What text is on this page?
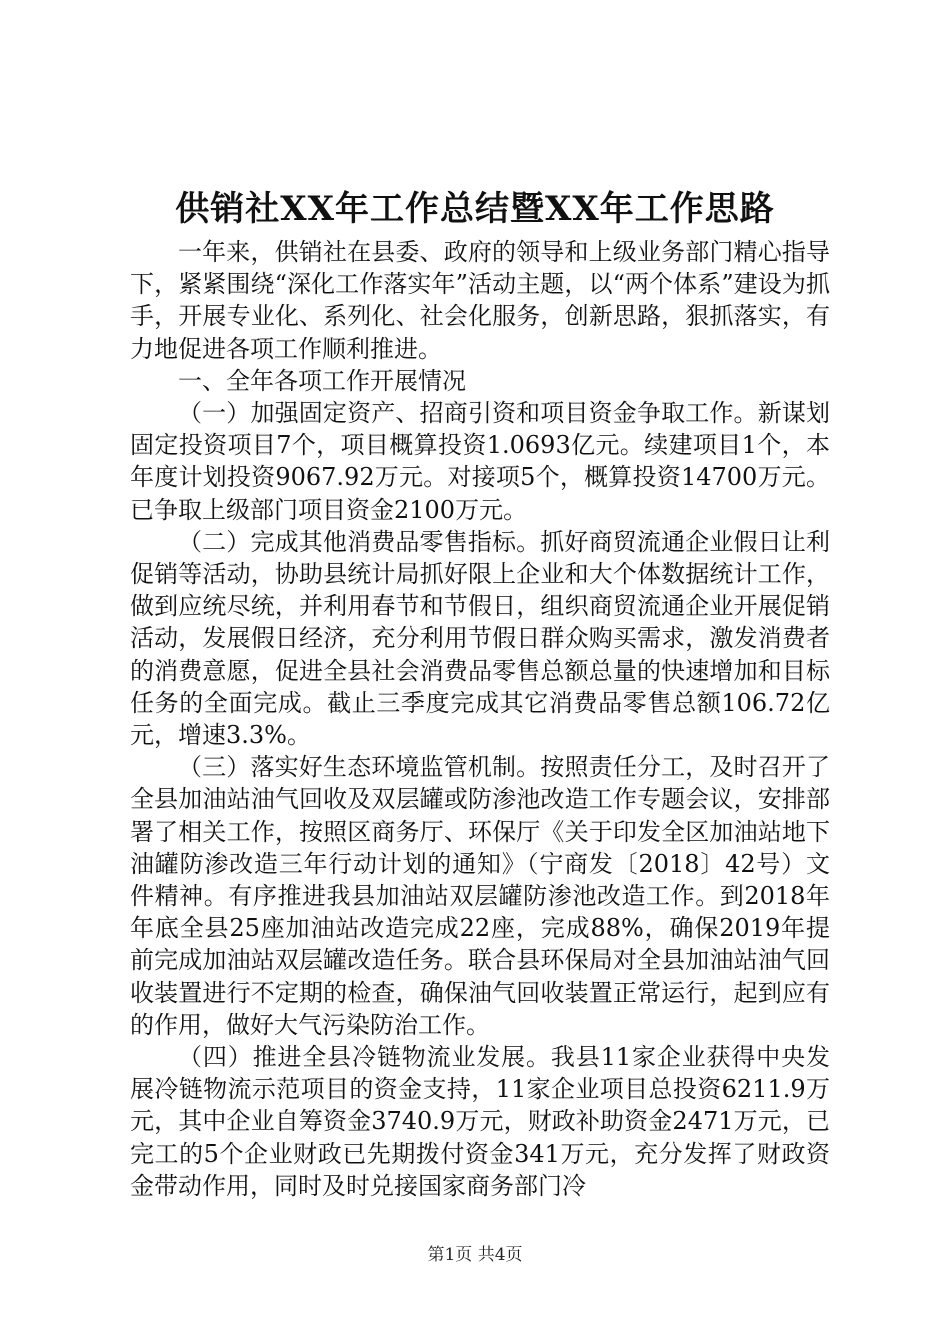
供销社XX年工作总结暨XX年工作思路

一年来，供销社在县委、政府的领导和上级业务部门精心指导下，紧紧围绕“深化工作落实年”活动主题，以“两个体系”建设为抓手，开展专业化、系列化、社会化服务，创新思路，狠抓落实，有力地促进各项工作顺利推进。

一、全年各项工作开展情况

（一）加强固定资产、招商引资和项目资金争取工作。新谋划固定投资项目7个，项目概算投资1.0693亿元。续建项目1个，本年度计划投资9067.92万元。对接项5个，概算投资14700万元。已争取上级部门项目资金2100万元。

（二）完成其他消费品零售指标。抓好商贸流通企业假日让利促销等活动，协助县统计局抓好限上企业和大个体数据统计工作，做到应统尽统，并利用春节和节假日，组织商贸流通企业开展促销活动，发展假日经济，充分利用节假日群众购买需求，激发消费者的消费意愿，促进全县社会消费品零售总额总量的快速增加和目标任务的全面完成。截止三季度完成其它消费品零售总额106.72亿元，增速3.3%。

（三）落实好生态环境监管机制。按照责任分工，及时召开了全县加油站油气回收及双层罐或防渗池改造工作专题会议，安排部署了相关工作，按照区商务厅、环保厅《关于印发全区加油站地下油罐防渗改造三年行动计划的通知》（宁商发〔2018〕42号）文件精神。有序推进我县加油站双层罐防渗池改造工作。到2018年年底全县25座加油站改造完成22座，完成88%，确保2019年提前完成加油站双层罐改造任务。联合县环保局对全县加油站油气回收装置进行不定期的检查，确保油气回收装置正常运行，起到应有的作用，做好大气污染防治工作。

（四）推进全县冷链物流业发展。我县11家企业获得中央发展冷链物流示范项目的资金支持，11家企业项目总投资6211.9万元，其中企业自筹资金3740.9万元，财政补助资金2471万元，已完工的5个企业财政已先期拨付资金341万元，充分发挥了财政资金带动作用，同时及时兑接国家商务部门冷

第1页 共4页
